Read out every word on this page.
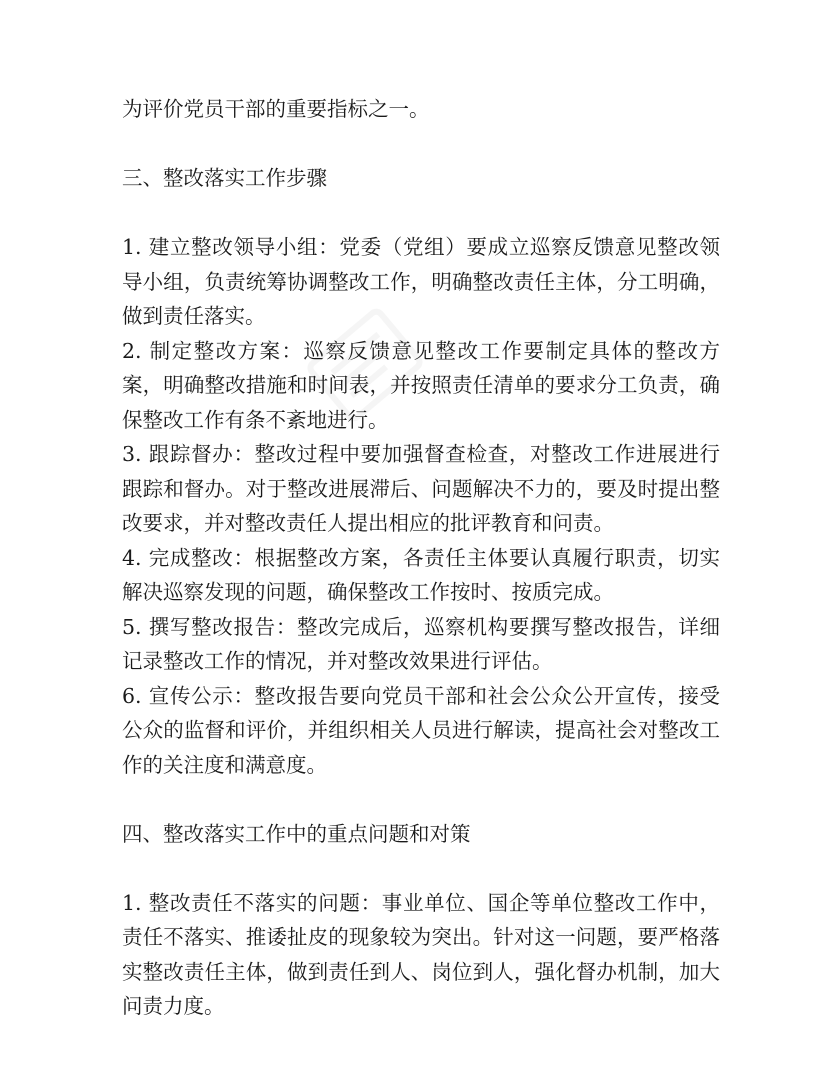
为评价党员干部的重要指标之一。

三、整改落实工作步骤

1. 建立整改领导小组：党委（党组）要成立巡察反馈意见整改领导小组，负责统筹协调整改工作，明确整改责任主体，分工明确，做到责任落实。

2. 制定整改方案：巡察反馈意见整改工作要制定具体的整改方案，明确整改措施和时间表，并按照责任清单的要求分工负责，确保整改工作有条不紊地进行。

3. 跟踪督办：整改过程中要加强督查检查，对整改工作进展进行跟踪和督办。对于整改进展滞后、问题解决不力的，要及时提出整改要求，并对整改责任人提出相应的批评教育和问责。

4. 完成整改：根据整改方案，各责任主体要认真履行职责，切实解决巡察发现的问题，确保整改工作按时、按质完成。

5. 撰写整改报告：整改完成后，巡察机构要撰写整改报告，详细记录整改工作的情况，并对整改效果进行评估。

6. 宣传公示：整改报告要向党员干部和社会公众公开宣传，接受公众的监督和评价，并组织相关人员进行解读，提高社会对整改工作的关注度和满意度。

四、整改落实工作中的重点问题和对策

1. 整改责任不落实的问题：事业单位、国企等单位整改工作中，责任不落实、推诿扯皮的现象较为突出。针对这一问题，要严格落实整改责任主体，做到责任到人、岗位到人，强化督办机制，加大问责力度。
